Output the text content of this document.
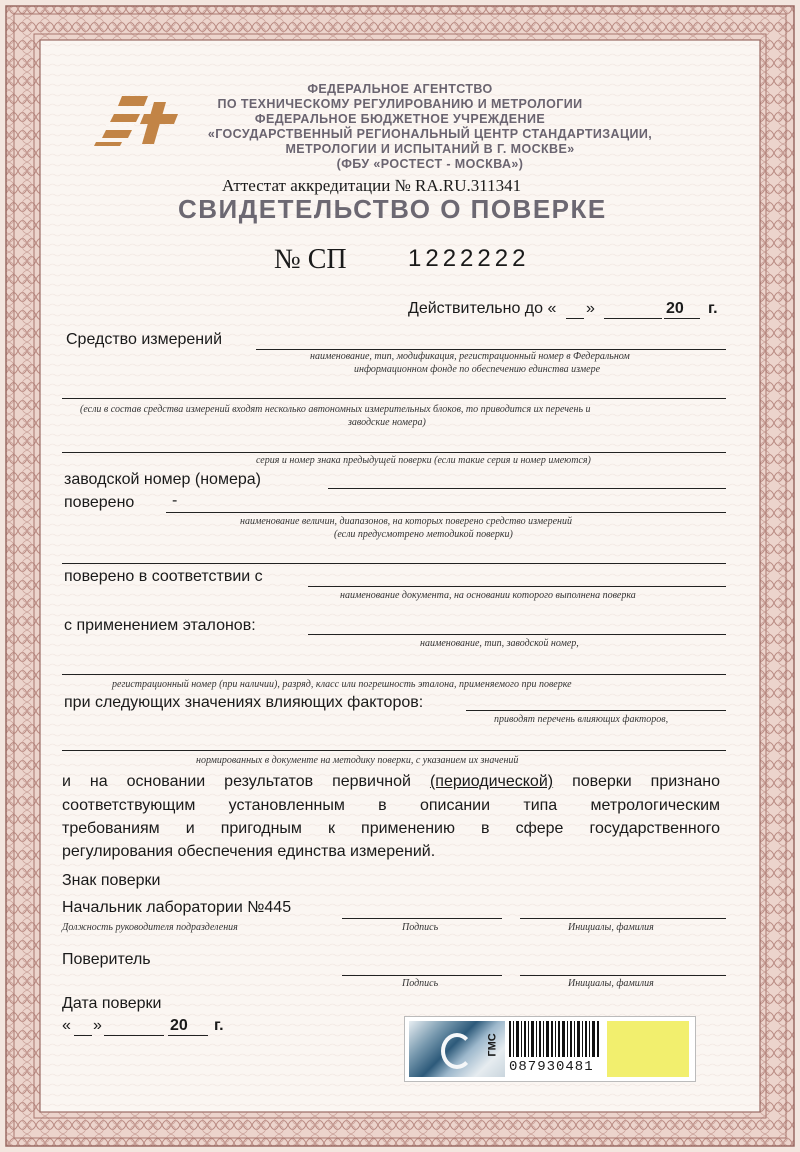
ФЕДЕРАЛЬНОЕ АГЕНТСТВО
ПО ТЕХНИЧЕСКОМУ РЕГУЛИРОВАНИЮ И МЕТРОЛОГИИ
ФЕДЕРАЛЬНОЕ БЮДЖЕТНОЕ УЧРЕЖДЕНИЕ
«ГОСУДАРСТВЕННЫЙ РЕГИОНАЛЬНЫЙ ЦЕНТР СТАНДАРТИЗАЦИИ,
МЕТРОЛОГИИ И ИСПЫТАНИЙ В Г. МОСКВЕ»
(ФБУ «РОСТЕСТ - МОСКВА»)
Аттестат аккредитации № RA.RU.311341
СВИДЕТЕЛЬСТВО О ПОВЕРКЕ
№ СП	1222222
Действительно до « »	20 г.
Средство измерений
наименование, тип, модификация, регистрационный номер в Федеральном
информационном фонде по обеспечению единства измере
(если в состав средства измерений входят несколько автономных измерительных блоков, то приводится их перечень и
заводские номера)
серия и номер знака предыдущей поверки (если такие серия и номер имеются)
заводской номер (номера)
поверено -
наименование величин, диапазонов, на которых поверено средство измерений
(если предусмотрено методикой поверки)
поверено в соответствии с
наименование документа, на основании которого выполнена поверка
с применением эталонов:
наименование, тип, заводской номер,
регистрационный номер (при наличии), разряд, класс или погрешность эталона, применяемого при поверке
при следующих значениях влияющих факторов:
приводят перечень влияющих факторов,
нормированных в документе на методику поверки, с указанием их значений
и на основании результатов первичной (периодической) поверки признано
соответствующим установленным в описании типа метрологическим
требованиям и пригодным к применению в сфере государственного
регулирования обеспечения единства измерений.
Знак поверки
Начальник лаборатории №445
Должность руководителя подразделения	Подпись	Инициалы, фамилия
Поверитель
Подпись	Инициалы, фамилия
Дата поверки
« »	20 г.
ГМС
087930481
